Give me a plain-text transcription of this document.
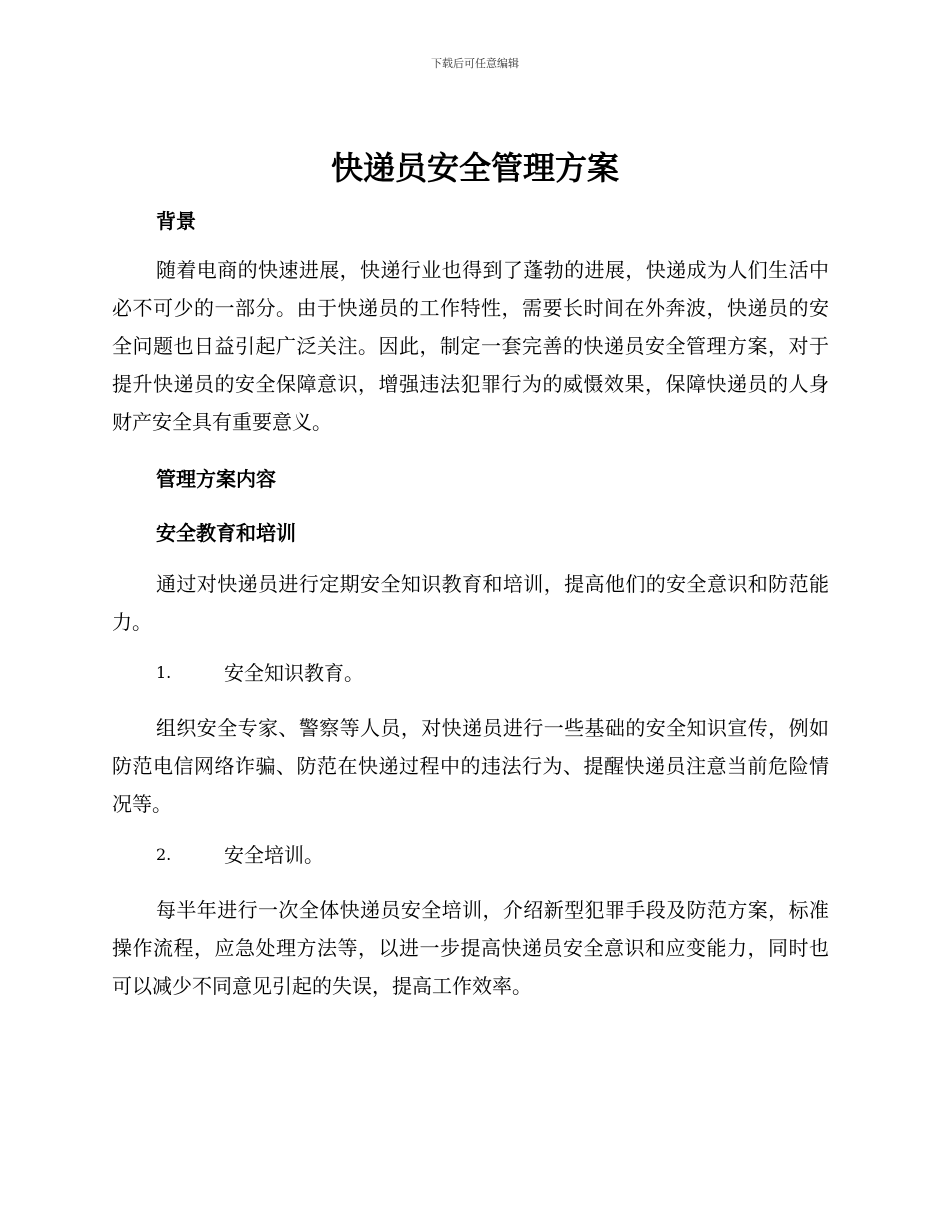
下载后可任意编辑
快递员安全管理方案

背景

随着电商的快速进展，快递行业也得到了蓬勃的进展，快递成为人们生活中必不可少的一部分。由于快递员的工作特性，需要长时间在外奔波，快递员的安全问题也日益引起广泛关注。因此，制定一套完善的快递员安全管理方案，对于提升快递员的安全保障意识，增强违法犯罪行为的威慑效果，保障快递员的人身财产安全具有重要意义。

管理方案内容

安全教育和培训

通过对快递员进行定期安全知识教育和培训，提高他们的安全意识和防范能力。

1.	安全知识教育。

组织安全专家、警察等人员，对快递员进行一些基础的安全知识宣传，例如防范电信网络诈骗、防范在快递过程中的违法行为、提醒快递员注意当前危险情况等。

2.	安全培训。

每半年进行一次全体快递员安全培训，介绍新型犯罪手段及防范方案，标准操作流程，应急处理方法等，以进一步提高快递员安全意识和应变能力，同时也可以减少不同意见引起的失误，提高工作效率。
